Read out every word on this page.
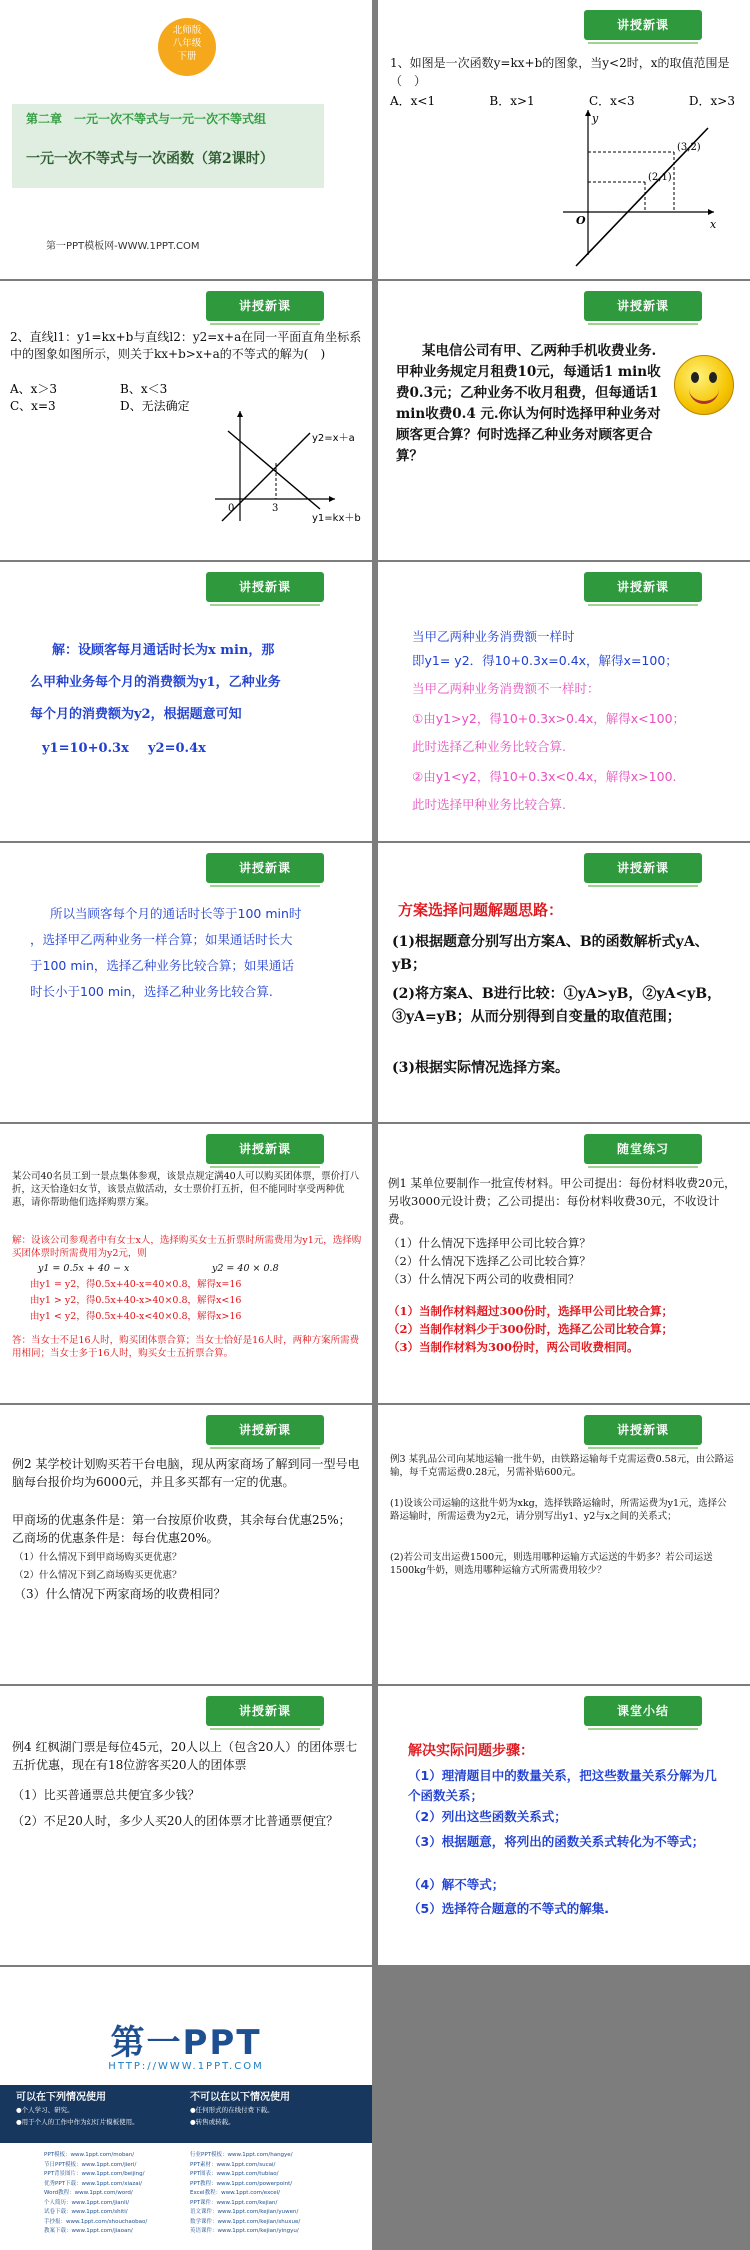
北师版
八年级
下册
第二章　一元一次不等式与一元一次不等式组
一元一次不等式与一次函数（第2课时）
第一PPT模板网-WWW.1PPT.COM
讲授新课
1、如图是一次函数y=kx+b的图象，当y<2时，x的取值范围是（　）
A．x<1	B．x>1	C．x<3	D．x>3
(3,2)
(2,1)
O	x
y
讲授新课
2、直线l1：y1=kx+b与直线l2：y2=x+a在同一平面直角坐标系中的图象如图所示，则关于kx+b>x+a的不等式的解为(　)
A、x＞3	B、x＜3
C、x=3	D、无法确定
y2=x＋a
y1=kx＋b
0	3
讲授新课
某电信公司有甲、乙两种手机收费业务.甲种业务规定月租费10元，每通话1 min收费0.3元；乙种业务不收月租费，但每通话1 min收费0.4 元.你认为何时选择甲种业务对顾客更合算？何时选择乙种业务对顾客更合算？
讲授新课
解：设顾客每月通话时长为x min，那
么甲种业务每个月的消费额为y1，乙种业务
每个月的消费额为y2，根据题意可知
y1=10+0.3x y2=0.4x
讲授新课
当甲乙两种业务消费额一样时
即y1= y2．得10+0.3x=0.4x，解得x=100；
当甲乙两种业务消费额不一样时：
①由y1>y2，得10+0.3x>0.4x，解得x<100；
此时选择乙种业务比较合算.
②由y1<y2，得10+0.3x<0.4x，解得x>100.
此时选择甲种业务比较合算.
讲授新课
所以当顾客每个月的通话时长等于100 min时
，选择甲乙两种业务一样合算；如果通话时长大
于100 min，选择乙种业务比较合算；如果通话
时长小于100 min，选择乙种业务比较合算.
讲授新课
方案选择问题解题思路：
(1)根据题意分别写出方案A、B的函数解析式yA、yB；
(2)将方案A、B进行比较：①yA>yB，②yA<yB，③yA=yB；从而分别得到自变量的取值范围；
(3)根据实际情况选择方案。
讲授新课
某公司40名员工到一景点集体参观，该景点规定满40人可以购买团体票，票价打八折，这天恰逢妇女节，该景点做活动，女士票价打五折，但不能同时享受两种优惠，请你帮助他们选择购票方案。
解：设该公司参观者中有女士x人，选择购买女士五折票时所需费用为y1元，选择购买团体票时所需费用为y2元，则
y1 = 0.5x + 40 − x	y2 = 40 × 0.8
由y1 = y2，得0.5x+40-x=40×0.8，解得x=16
由y1 > y2，得0.5x+40-x>40×0.8，解得x<16
由y1 < y2，得0.5x+40-x<40×0.8，解得x>16
答：当女士不足16人时，购买团体票合算；当女士恰好是16人时，两种方案所需费用相同；当女士多于16人时，购买女士五折票合算。
随堂练习
例1 某单位要制作一批宣传材料。甲公司提出：每份材料收费20元，另收3000元设计费；乙公司提出：每份材料收费30元，不收设计费。
（1）什么情况下选择甲公司比较合算？
（2）什么情况下选择乙公司比较合算？
（3）什么情况下两公司的收费相同？
（1）当制作材料超过300份时，选择甲公司比较合算；
（2）当制作材料少于300份时，选择乙公司比较合算；
（3）当制作材料为300份时，两公司收费相同。
讲授新课
例2 某学校计划购买若干台电脑，现从两家商场了解到同一型号电脑每台报价均为6000元，并且多买都有一定的优惠。
甲商场的优惠条件是：第一台按原价收费，其余每台优惠25%；乙商场的优惠条件是：每台优惠20%。
（1）什么情况下到甲商场购买更优惠？
（2）什么情况下到乙商场购买更优惠？
（3）什么情况下两家商场的收费相同？
讲授新课
例3 某乳品公司向某地运输一批牛奶，由铁路运输每千克需运费0.58元，由公路运输，每千克需运费0.28元，另需补贴600元。
(1)设该公司运输的这批牛奶为xkg，选择铁路运输时，所需运费为y1元，选择公路运输时，所需运费为y2元，请分别写出y1、y2与x之间的关系式；
(2)若公司支出运费1500元，则选用哪种运输方式运送的牛奶多？若公司运送1500kg牛奶，则选用哪种运输方式所需费用较少？
讲授新课
例4 红枫湖门票是每位45元，20人以上（包含20人）的团体票七五折优惠，现在有18位游客买20人的团体票
（1）比买普通票总共便宜多少钱？
（2）不足20人时，多少人买20人的团体票才比普通票便宜？
课堂小结
解决实际问题步骤：
（1）理清题目中的数量关系，把这些数量关系分解为几个函数关系；
（2）列出这些函数关系式；
（3）根据题意，将列出的函数关系式转化为不等式；
（4）解不等式；
（5）选择符合题意的不等式的解集.
第一PPT
HTTP://WWW.1PPT.COM
可以在下列情况使用
●个人学习、研究。
●用于个人的工作中作为幻灯片模板使用。
不可以在以下情况使用
●任何形式的在线付费下载。
●转售或转载。
PPT模板：www.1ppt.com/moban/
节日PPT模板：www.1ppt.com/jieri/
PPT背景图片：www.1ppt.com/beijing/
优秀PPT下载：www.1ppt.com/xiazai/
Word教程：www.1ppt.com/word/
个人简历：www.1ppt.com/jianli/
试卷下载：www.1ppt.com/shiti/
手抄报：www.1ppt.com/shouchaobao/
教案下载：www.1ppt.com/jiaoan/
行业PPT模板：www.1ppt.com/hangye/
PPT素材：www.1ppt.com/sucai/
PPT图表：www.1ppt.com/tubiao/
PPT教程：www.1ppt.com/powerpoint/
Excel教程：www.1ppt.com/excel/
PPT课件：www.1ppt.com/kejian/
语文课件：www.1ppt.com/kejian/yuwen/
数学课件：www.1ppt.com/kejian/shuxue/
英语课件：www.1ppt.com/kejian/yingyu/
